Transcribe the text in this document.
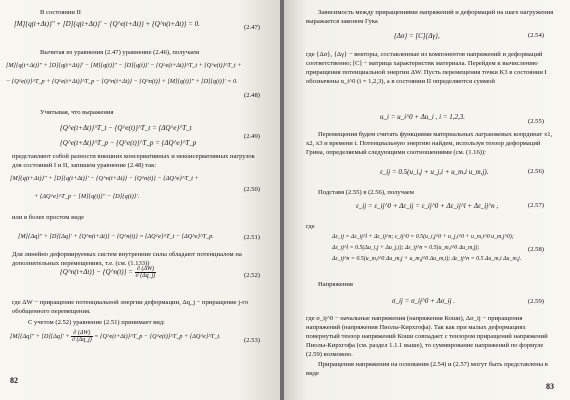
В состоянии II
[M]{q(t+Δt)}″ + [D]{q(t+Δt)}′ − {Q^e(t+Δt)} + {Q^n(t+Δt)} = 0.	(2.47)
Вычитая из уравнения (2.47) уравнение (2.46), получаем
[M]{q(t+Δt)}″ + [D]{q(t+Δt)}′ − [M]{q(t)}″ − [D]{q(t)}′ − {Q^e(t+Δt)}^T_t + {Q^e(t)}^T_t +
− {Q^e(t)}^T_p + {Q^e(t+Δt)}^T_p − {Q^n(t+Δt)} − {Q^n(t)} + [M]{q(t)}″ + [D]{q(t)}′ = 0.
(2.48)
Учитывая, что выражения
{Q^e(t+Δt)}^T_t − {Q^e(t)}^T_t = {ΔQ^e}^T_t
{Q^e(t+Δt)}^T_p − {Q^e(t)}^T_p = {ΔQ^e}^T_p
(2.49)
представляют собой разности внешних консервативных и неконсервативных нагрузок для состояний I и II, запишем уравнение (2.48) так:
[M]{q(t+Δt)}″ + [D]{q(t+Δt)}′ − {Q^n(t+Δt)} − {Q^n(t)} − {ΔQ^e}^T_t +
+ {ΔQ^e}^T_p − [M]{q(t)}″ − [D]{q(t)}′.
(2.50)
или в более простом виде
[M]{Δq}″ + [D]{Δq}′ + {Q^n(t+Δt)} − {Q^n(t)} = {ΔQ^e}^T_t − {ΔQ^e}^T_p.	(2.51)
Для линейно деформируемых систем внутренние силы обладают потенциалом на дополнительных перемещениях, т.е. (см. (1.133))
{Q^n(t+Δt)} − {Q^n(t)} = $\frac{\partial (\Delta W)}{\partial (\Delta q\_j)}$	(2.52)
где ΔW − приращение потенциальной энергии деформации, Δq_j − приращение j-го обобщенного перемещения.
С учетом (2.52) уравнение (2.51) принимает вид:
$[M]\{\Delta q\}'' + [D]\{\Delta q\}' + \frac{\partial (\Delta W)}{\partial (\Delta q\_j)}$ = {Q^e(t+Δt)}^T_p − {Q^e(t)}^T_p + {ΔQ^e}^T_t.
(2.53)
82
Зависимость между приращениями напряжений и деформаций на шаге нагружения выражается законом Гука
{Δσ} = [C]{Δγ},	(2.54)
где {Δσ}, {Δγ} − векторы, составленные из компонентов напряжений и деформаций соответственно; [C] − матрица характеристик материала. Перейдем к вычислению приращения потенциальной энергии ΔW. Пусть перемещения точки K3 в состоянии I обозначены u_i^0 (i = 1,2,3), а в состоянии II определяются суммой
u_i = u_i^0 + Δu_i , i = 1,2,3.
(2.55)
Перемещения будем считать функциями материальных лагранжевых координат x1, x2, x3 и времени t. Потенциальную энергию найдем, используя тензор деформаций Грина, определяемый следующими соотношениями (см. (1.16)):
ε_ij = 0.5(u_i,j + u_j,i + u_m,i u_m,j).	(2.56)
Подставя (2.55) в (2.56), получаем
ε_ij = ε_ij^0 + Δε_ij = ε_ij^0 + Δε_ij^l + Δε_ij^n ,	(2.57)
где
Δε_ij = Δε_ij^l + Δε_ij^n; ε_ij^0 = 0.5(u_i,j^0 + u_j,i^0 + u_m,i^0 u_m,j^0);
Δε_ij^l = 0.5(Δu_i,j + Δu_j,i); Δε_ij^n = 0.5(u_m,i^0 Δu_m,j);
Δε_ij^n = 0.5(u_m,i^0 Δu_m,j + u_m,j^0 Δu_m,i); Δε_ij^n = 0.5 Δu_m,i Δu_m,j.
(2.58)
Напряжения
σ_ij = σ_ij^0 + Δσ_ij .	(2.59)
где σ_ij^0 − начальные напряжения (напряжения Коши), Δσ_ij − приращения напряжений (напряжения Пиолы-Кирхгофа). Так как при малых деформациях повернутый тензор напряжений Коши совпадает с тензором приращений напряжений Пиолы-Кирхгофа (см. раздел 1.1.1 выше), то суммирование напряжений по формуле (2.59) возможно.
Приращения напряжения на основании (2.54) и (2.57) могут быть представлены в виде
83
